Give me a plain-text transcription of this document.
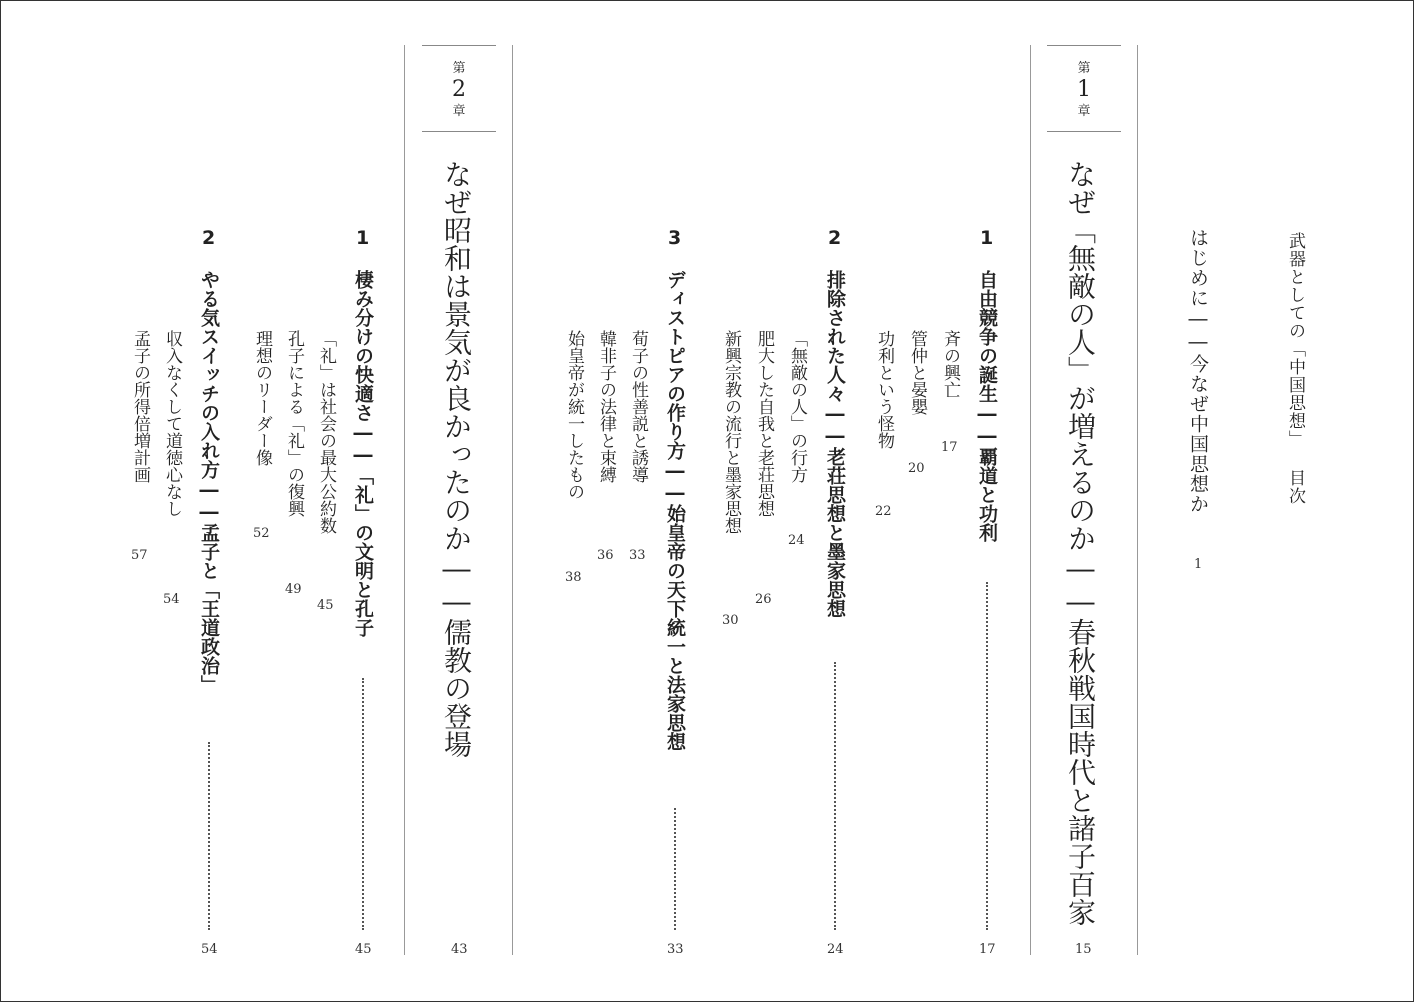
武器としての「中国思想」 目次
はじめに――今なぜ中国思想か
1
第
1
章
なぜ「無敵の人」が増えるのか――春秋戦国時代と諸子百家
15
1
自由競争の誕生――覇道と功利
17
斉の興亡
17
管仲と晏嬰
20
功利という怪物
22
2
排除された人々――老荘思想と墨家思想
24
「無敵の人」の行方
24
肥大した自我と老荘思想
26
新興宗教の流行と墨家思想
30
3
ディストピアの作り方――始皇帝の天下統一と法家思想
33
荀子の性善説と誘導
33
韓非子の法律と束縛
36
始皇帝が統一したもの
38
第
2
章
なぜ昭和は景気が良かったのか――儒教の登場
43
1
棲み分けの快適さ――「礼」の文明と孔子
45
「礼」は社会の最大公約数
45
孔子による「礼」の復興
49
理想のリーダー像
52
2
やる気スイッチの入れ方――孟子と「王道政治」
54
収入なくして道徳心なし
54
孟子の所得倍増計画
57
